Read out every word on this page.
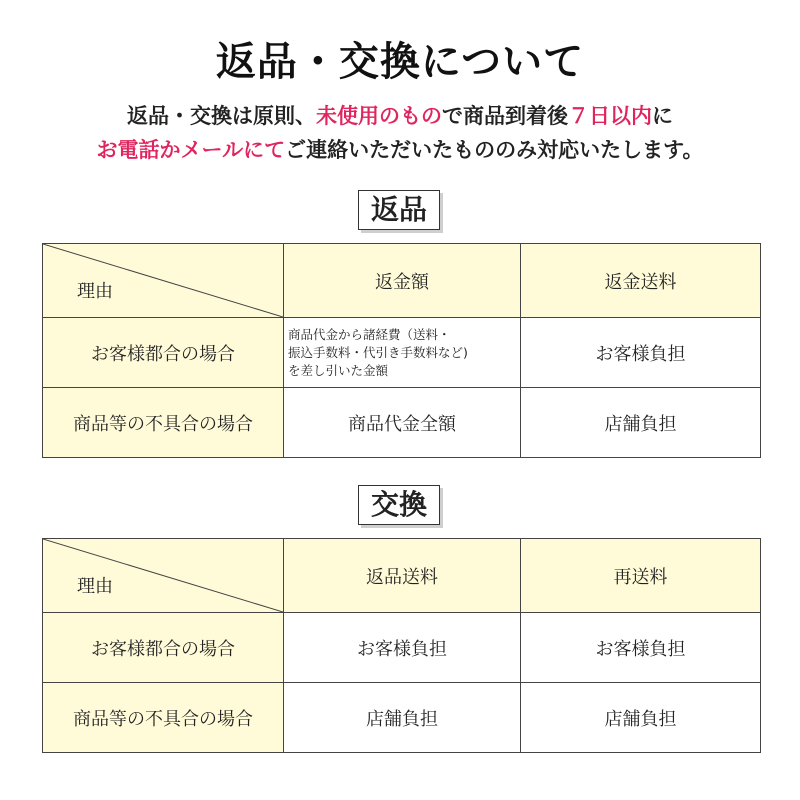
返品・交換について
返品・交換は原則、未使用のもので商品到着後７日以内に
お電話かメールにてご連絡いただいたもののみ対応いたします。
返品
理由	返金額	返金送料
お客様都合の場合	商品代金から諸経費（送料・
振込手数料・代引き手数料など)
を差し引いた金額	お客様負担
商品等の不具合の場合	商品代金全額	店舗負担
交換
理由	返品送料	再送料
お客様都合の場合	お客様負担	お客様負担
商品等の不具合の場合	店舗負担	店舗負担
